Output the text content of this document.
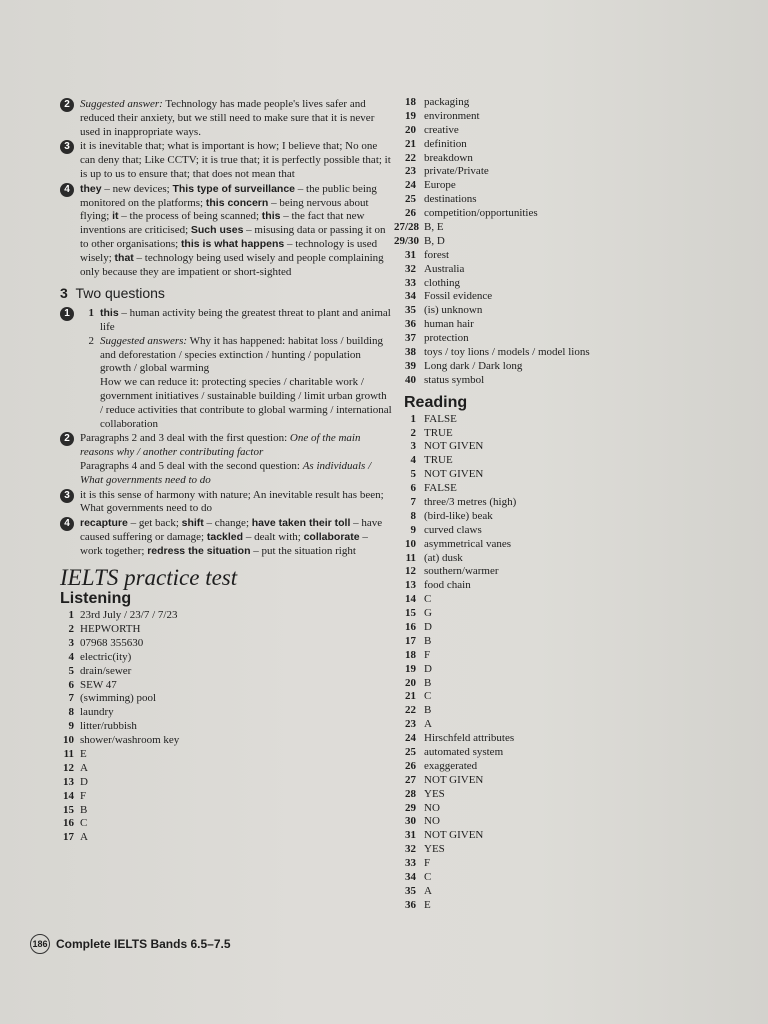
2 Suggested answer: Technology has made people's lives safer and reduced their anxiety, but we still need to make sure that it is never used in inappropriate ways.
3 it is inevitable that; what is important is how; I believe that; No one can deny that; Like CCTV; it is true that; it is perfectly possible that; it is up to us to ensure that; that does not mean that
4 they – new devices; This type of surveillance – the public being monitored on the platforms; this concern – being nervous about flying; it – the process of being scanned; this – the fact that new inventions are criticised; Such uses – misusing data or passing it on to other organisations; this is what happens – technology is used wisely; that – technology being used wisely and people complaining only because they are impatient or short-sighted
3 Two questions
1	1 this – human activity being the greatest threat to plant and animal life
2 Suggested answers: Why it has happened: habitat loss / building and deforestation / species extinction / hunting / population growth / global warming
How we can reduce it: protecting species / charitable work / government initiatives / sustainable building / limit urban growth / reduce activities that contribute to global warming / international collaboration
2 Paragraphs 2 and 3 deal with the first question: One of the main reasons why / another contributing factor
Paragraphs 4 and 5 deal with the second question: As individuals / What governments need to do
3 it is this sense of harmony with nature; An inevitable result has been; What governments need to do
4 recapture – get back; shift – change; have taken their toll – have caused suffering or damage; tackled – dealt with; collaborate – work together; redress the situation – put the situation right
IELTS practice test
Listening
1 23rd July / 23/7 / 7/23
2 HEPWORTH
3 07968 355630
4 electric(ity)
5 drain/sewer
6 SEW 47
7 (swimming) pool
8 laundry
9 litter/rubbish
10 shower/washroom key
11 E
12 A
13 D
14 F
15 B
16 C
17 A
18 packaging
19 environment
20 creative
21 definition
22 breakdown
23 private/Private
24 Europe
25 destinations
26 competition/opportunities
27/28 B, E
29/30 B, D
31 forest
32 Australia
33 clothing
34 Fossil evidence
35 (is) unknown
36 human hair
37 protection
38 toys / toy lions / models / model lions
39 Long dark / Dark long
40 status symbol
Reading
1 FALSE
2 TRUE
3 NOT GIVEN
4 TRUE
5 NOT GIVEN
6 FALSE
7 three/3 metres (high)
8 (bird-like) beak
9 curved claws
10 asymmetrical vanes
11 (at) dusk
12 southern/warmer
13 food chain
14 C
15 G
16 D
17 B
18 F
19 D
20 B
21 C
22 B
23 A
24 Hirschfeld attributes
25 automated system
26 exaggerated
27 NOT GIVEN
28 YES
29 NO
30 NO
31 NOT GIVEN
32 YES
33 F
34 C
35 A
36 E
186 Complete IELTS Bands 6.5–7.5
